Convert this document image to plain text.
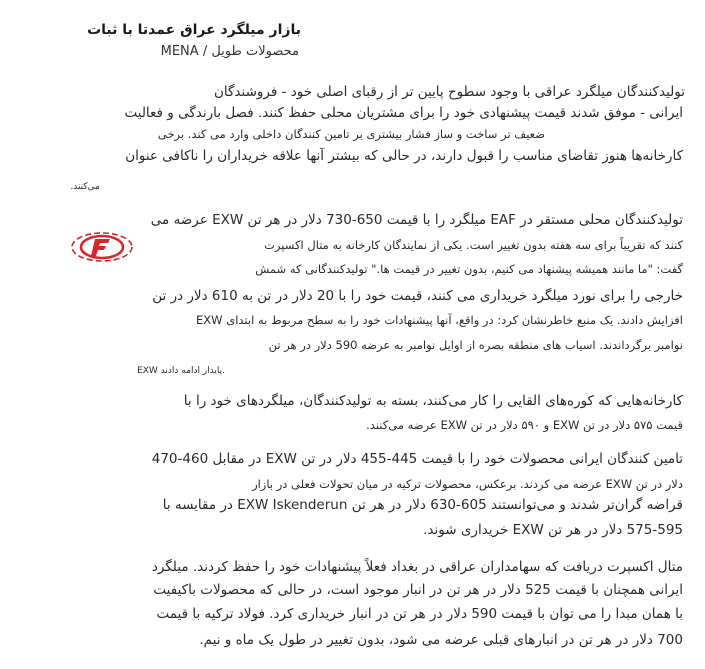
بازار میلگرد عراق عمدتا با ثبات
محصولات طویل / MENA
تولیدکنندگان میلگرد عراقی با وجود سطوح پایین تر از رقبای اصلی خود - فروشندگان
ایرانی - موفق شدند قیمت پیشنهادی خود را برای مشتریان محلی حفظ کنند. فصل بارندگی و فعالیت
ضعیف تر ساخت و ساز فشار بیشتری بر تامین کنندگان داخلی وارد می کند. برخی
کارخانه‌ها هنوز تقاضای مناسب را قبول دارند، در حالی که بیشتر آنها علاقه خریداران را ناکافی عنوان
می‌کنند.
تولیدکنندگان محلی مستقر در EAF میلگرد را با قیمت 650-730 دلار در هر تن EXW عرضه می
کنند که تقریباً برای سه هفته بدون تغییر است. یکی از نمایندگان کارخانه به متال اکسپرت
گفت: "ما مانند همیشه پیشنهاد می کنیم، بدون تغییر در قیمت ها." تولیدکنندگانی که شمش
خارجی را برای نورد میلگرد خریداری می کنند، قیمت خود را با 20 دلار در تن به 610 دلار در تن
افزایش دادند. یک منبع خاطرنشان کرد: در واقع، آنها پیشنهادات خود را به سطح مربوط به ابتدای EXW
نوامبر برگرداندند. اسیاب های منطقه بصره از اوایل نوامبر به عرضه 590 دلار در هر تن
.پایدار ادامه دادند EXW
کارخانه‌هایی که کوره‌های القایی را کار می‌کنند، بسته به تولیدکنندگان، میلگردهای خود را با
قیمت ۵۷۵ دلار در تن EXW و ۵۹۰ دلار در تن EXW عرضه می‌کنند.
تامین کنندگان ایرانی محصولات خود را با قیمت 445-455 دلار در تن EXW در مقابل 460-470
دلار در تن EXW عرضه می کردند. برعکس، محصولات ترکیه در میان تحولات فعلی در بازار
قراضه گران‌تر شدند و می‌توانستند 605-630 دلار در هر تن EXW Iskenderun در مقایسه با
575-595 دلار در هر تن EXW خریداری شوند.
متال اکسپرت دریافت که سهامداران عراقی در بغداد فعلاً پیشنهادات خود را حفظ کردند. میلگرد
ایرانی همچنان با قیمت 525 دلار در هر تن در انبار موجود است، در حالی که محصولات باکیفیت
با همان مبدا را می توان با قیمت 590 دلار در هر تن در انبار خریداری کرد. فولاد ترکیه با قیمت
700 دلار در هر تن در انبارهای قبلی عرضه می شود، بدون تغییر در طول یک ماه و نیم.
